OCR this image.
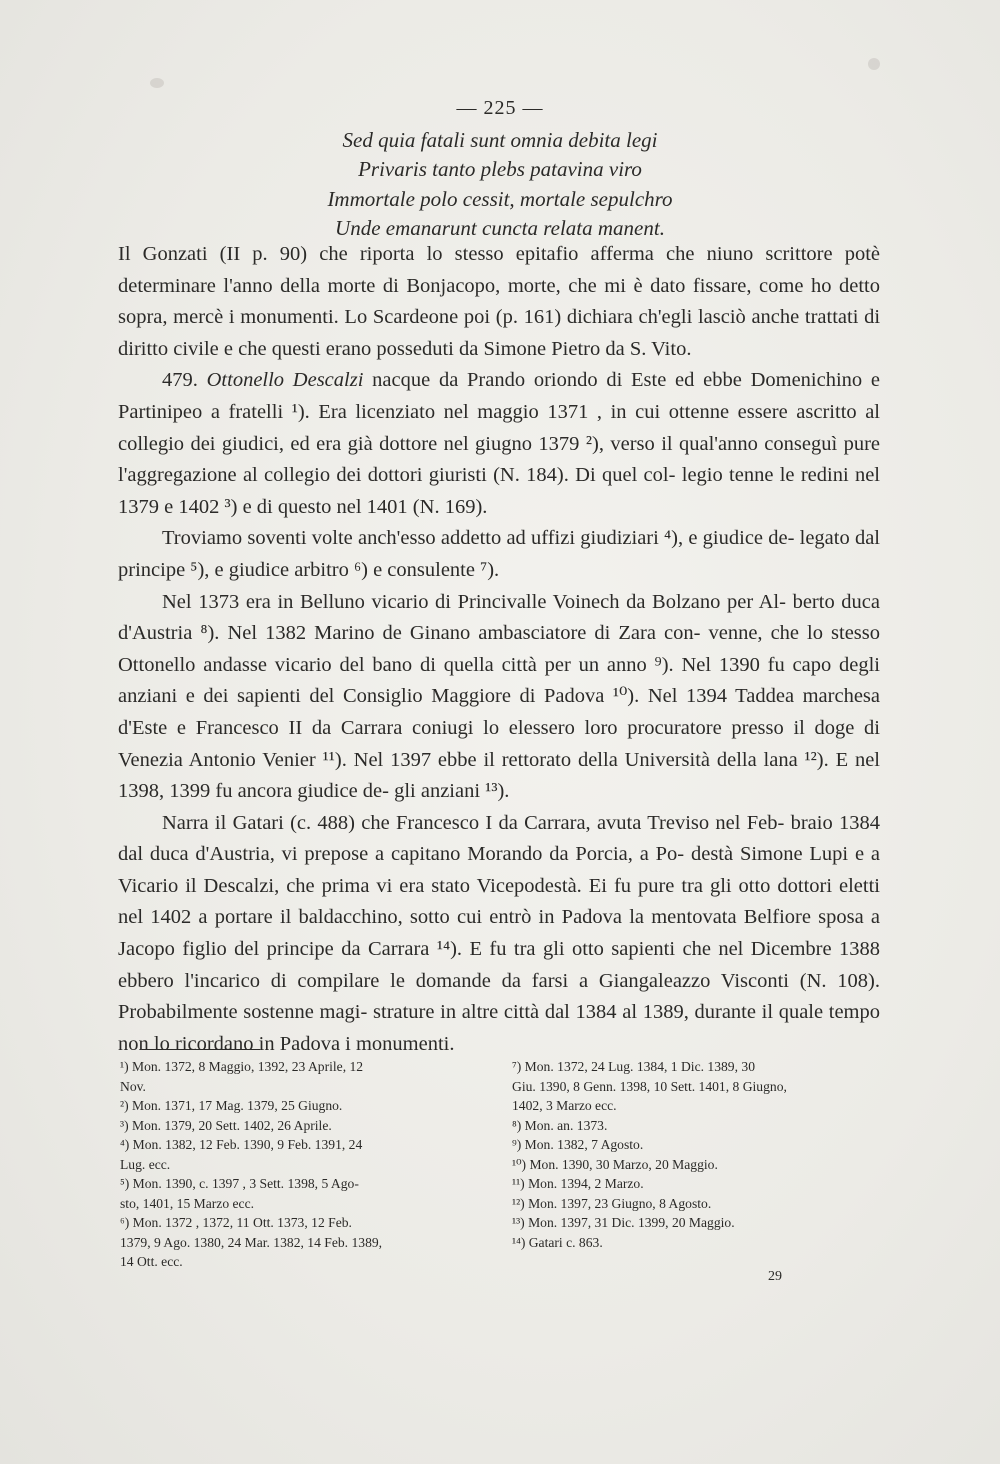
— 225 —
Sed quia fatali sunt omnia debita legi
Privaris tanto plebs patavina viro
Immortale polo cessit, mortale sepulchro
Unde emanarunt cuncta relata manent.

Il Gonzati (II p. 90) che riporta lo stesso epitafio afferma che niuno scrittore potè determinare l'anno della morte di Bonjacopo, morte, che mi è dato fissare, come ho detto sopra, mercè i monumenti. Lo Scardeone poi (p. 161) dichiara ch'egli lasciò anche trattati di diritto civile e che questi erano posseduti da Simone Pietro da S. Vito.

479. Ottonello Descalzi nacque da Prando oriondo di Este ed ebbe Domenichino e Partinipeo a fratelli ¹). Era licenziato nel maggio 1371 , in cui ottenne essere ascritto al collegio dei giudici, ed era già dottore nel giugno 1379 ²), verso il qual'anno conseguì pure l'aggregazione al collegio dei dottori giuristi (N. 184). Di quel col- legio tenne le redini nel 1379 e 1402 ³) e di questo nel 1401 (N. 169).

Troviamo soventi volte anch'esso addetto ad uffizi giudiziari ⁴), e giudice de- legato dal principe ⁵), e giudice arbitro ⁶) e consulente ⁷).

Nel 1373 era in Belluno vicario di Princivalle Voinech da Bolzano per Al- berto duca d'Austria ⁸). Nel 1382 Marino de Ginano ambasciatore di Zara con- venne, che lo stesso Ottonello andasse vicario del bano di quella città per un anno ⁹). Nel 1390 fu capo degli anziani e dei sapienti del Consiglio Maggiore di Padova ¹⁰). Nel 1394 Taddea marchesa d'Este e Francesco II da Carrara coniugi lo elessero loro procuratore presso il doge di Venezia Antonio Venier ¹¹). Nel 1397 ebbe il rettorato della Università della lana ¹²). E nel 1398, 1399 fu ancora giudice de- gli anziani ¹³).

Narra il Gatari (c. 488) che Francesco I da Carrara, avuta Treviso nel Feb- braio 1384 dal duca d'Austria, vi prepose a capitano Morando da Porcia, a Po- destà Simone Lupi e a Vicario il Descalzi, che prima vi era stato Vicepodestà. Ei fu pure tra gli otto dottori eletti nel 1402 a portare il baldacchino, sotto cui entrò in Padova la mentovata Belfiore sposa a Jacopo figlio del principe da Carrara ¹⁴). E fu tra gli otto sapienti che nel Dicembre 1388 ebbero l'incarico di compilare le domande da farsi a Giangaleazzo Visconti (N. 108). Probabilmente sostenne magi- strature in altre città dal 1384 al 1389, durante il quale tempo non lo ricordano in Padova i monumenti.

¹) Mon. 1372, 8 Maggio, 1392, 23 Aprile, 12
Nov.
²) Mon. 1371, 17 Mag. 1379, 25 Giugno.
³) Mon. 1379, 20 Sett. 1402, 26 Aprile.
⁴) Mon. 1382, 12 Feb. 1390, 9 Feb. 1391, 24
Lug. ecc.
⁵) Mon. 1390, c. 1397 , 3 Sett. 1398, 5 Ago-
sto, 1401, 15 Marzo ecc.
⁶) Mon. 1372 , 1372, 11 Ott. 1373, 12 Feb.
1379, 9 Ago. 1380, 24 Mar. 1382, 14 Feb. 1389,
14 Ott. ecc.
⁷) Mon. 1372, 24 Lug. 1384, 1 Dic. 1389, 30
Giu. 1390, 8 Genn. 1398, 10 Sett. 1401, 8 Giugno,
1402, 3 Marzo ecc.
⁸) Mon. an. 1373.
⁹) Mon. 1382, 7 Agosto.
¹⁰) Mon. 1390, 30 Marzo, 20 Maggio.
¹¹) Mon. 1394, 2 Marzo.
¹²) Mon. 1397, 23 Giugno, 8 Agosto.
¹³) Mon. 1397, 31 Dic. 1399, 20 Maggio.
¹⁴) Gatari c. 863.
29
